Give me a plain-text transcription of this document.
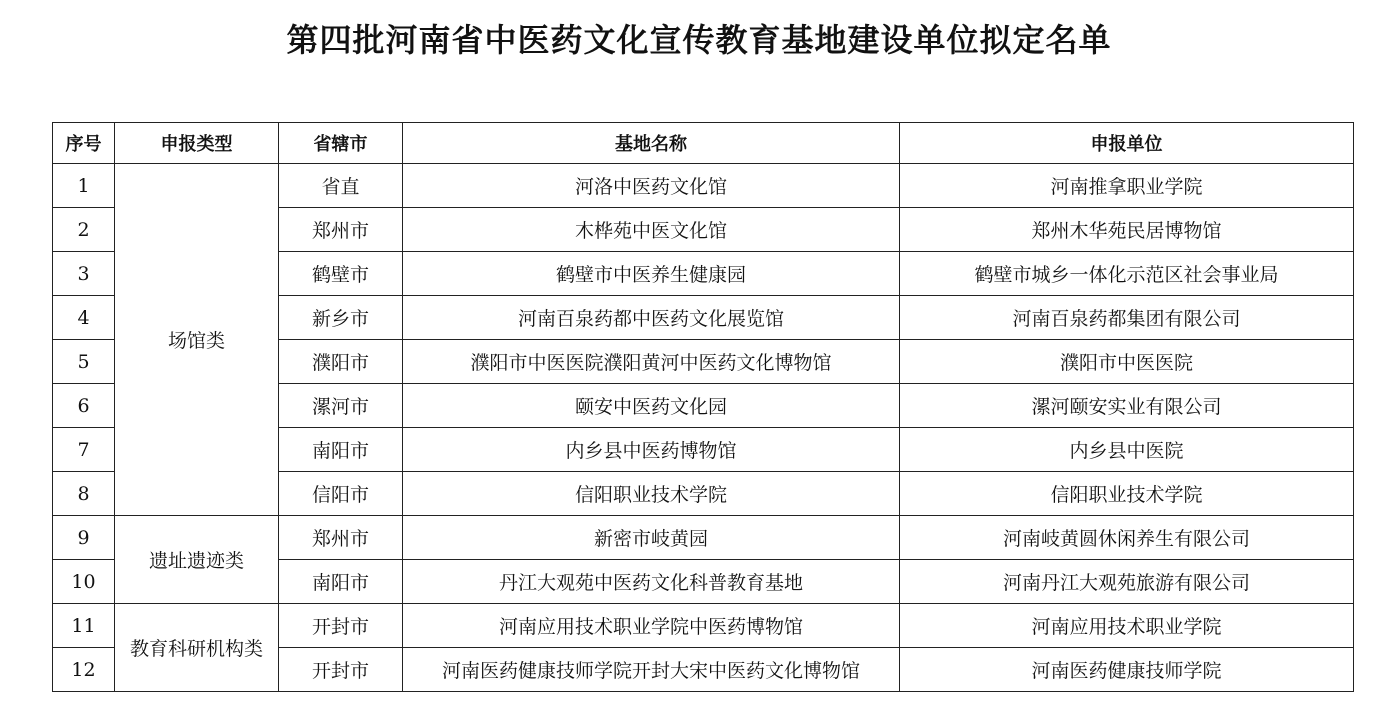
第四批河南省中医药文化宣传教育基地建设单位拟定名单
序号	申报类型	省辖市	基地名称	申报单位
1	场馆类	省直	河洛中医药文化馆	河南推拿职业学院
2		郑州市	木桦苑中医文化馆	郑州木华苑民居博物馆
3		鹤壁市	鹤壁市中医养生健康园	鹤壁市城乡一体化示范区社会事业局
4		新乡市	河南百泉药都中医药文化展览馆	河南百泉药都集团有限公司
5		濮阳市	濮阳市中医医院濮阳黄河中医药文化博物馆	濮阳市中医医院
6		漯河市	颐安中医药文化园	漯河颐安实业有限公司
7		南阳市	内乡县中医药博物馆	内乡县中医院
8		信阳市	信阳职业技术学院	信阳职业技术学院
9	遗址遗迹类	郑州市	新密市岐黄园	河南岐黄圆休闲养生有限公司
10		南阳市	丹江大观苑中医药文化科普教育基地	河南丹江大观苑旅游有限公司
11	教育科研机构类	开封市	河南应用技术职业学院中医药博物馆	河南应用技术职业学院
12		开封市	河南医药健康技师学院开封大宋中医药文化博物馆	河南医药健康技师学院
